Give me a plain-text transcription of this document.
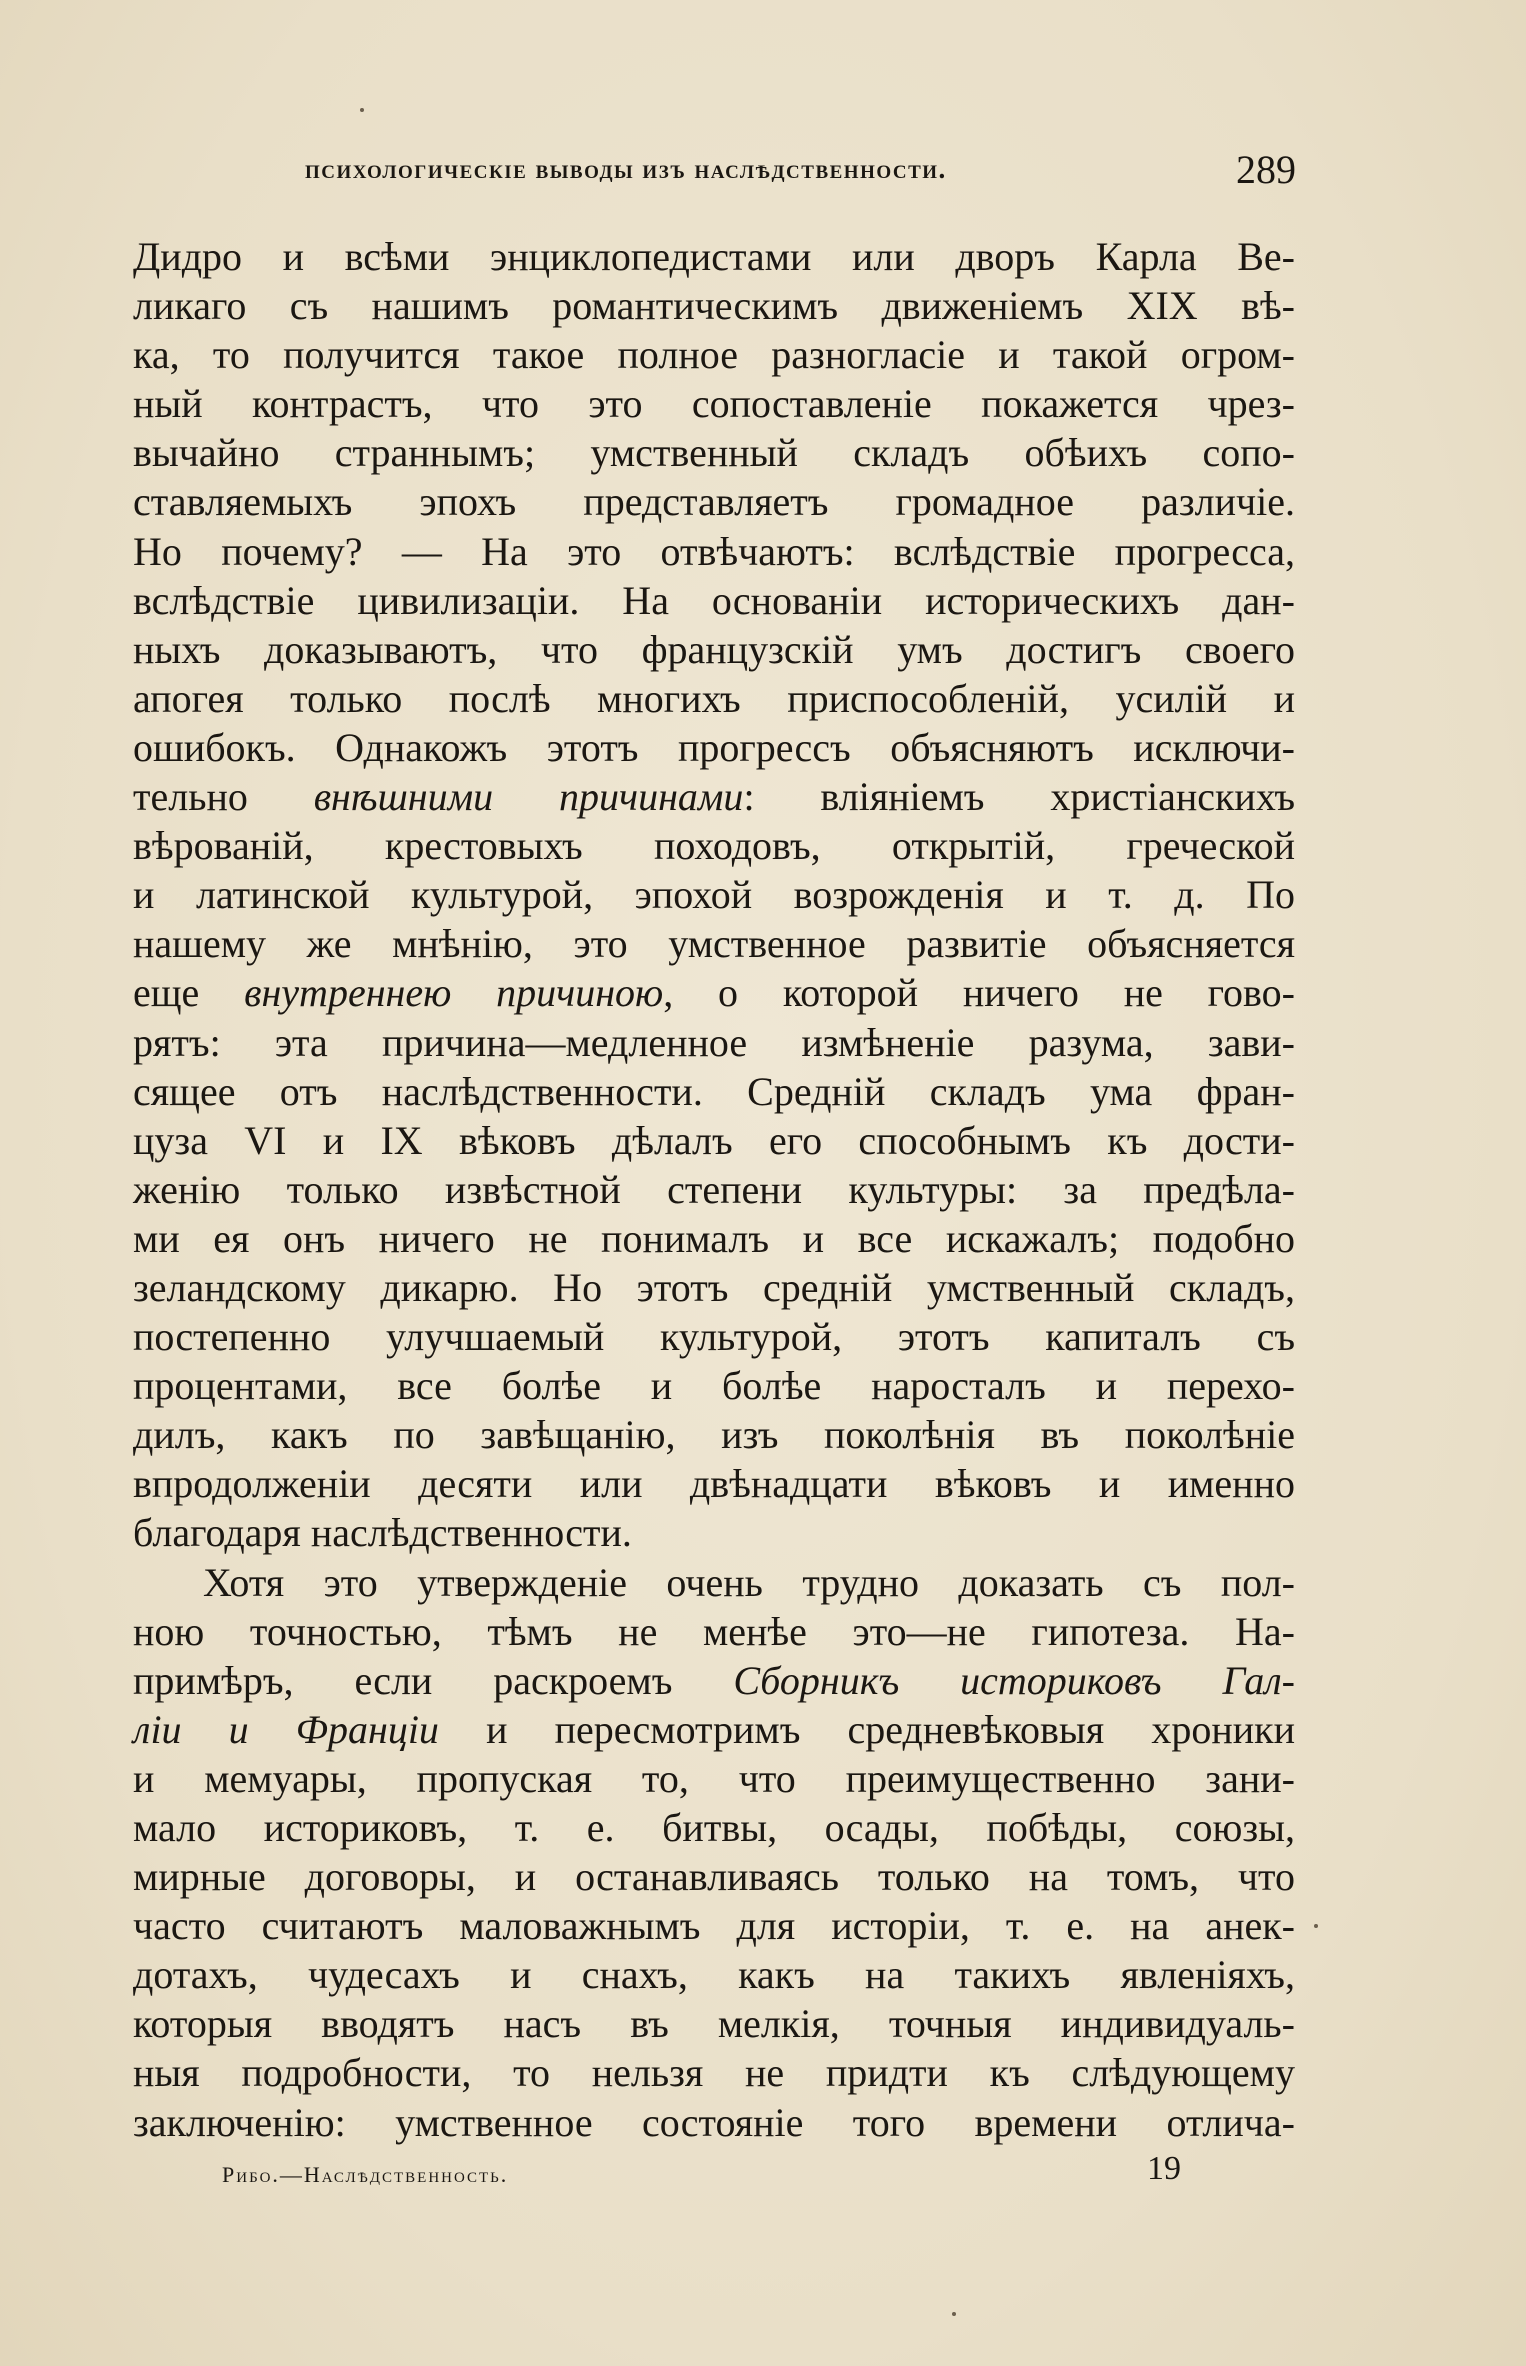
психологическіе выводы изъ наслѣдственности.	289
Дидро и всѣми энциклопедистами или дворъ Карла Ве-
ликаго съ нашимъ романтическимъ движеніемъ XIX вѣ-
ка, то получится такое полное разногласіе и такой огром-
ный контрастъ, что это сопоставленіе покажется чрез-
вычайно страннымъ; умственный складъ обѣихъ сопо-
ставляемыхъ эпохъ представляетъ громадное различіе.
Но почему? — На это отвѣчаютъ: вслѣдствіе прогресса,
вслѣдствіе цивилизаціи. На основаніи историческихъ дан-
ныхъ доказываютъ, что французскій умъ достигъ своего
апогея только послѣ многихъ приспособленій, усилій и
ошибокъ. Однакожъ этотъ прогрессъ объясняютъ исключи-
тельно внѣшними причинами: вліяніемъ христіанскихъ
вѣрованій, крестовыхъ походовъ, открытій, греческой
и латинской культурой, эпохой возрожденія и т. д. По
нашему же мнѣнію, это умственное развитіе объясняется
еще внутреннею причиною, о которой ничего не гово-
рятъ: эта причина—медленное измѣненіе разума, зави-
сящее отъ наслѣдственности. Средній складъ ума фран-
цуза VI и IX вѣковъ дѣлалъ его способнымъ къ дости-
женію только извѣстной степени культуры: за предѣла-
ми ея онъ ничего не понималъ и все искажалъ; подобно
зеландскому дикарю. Но этотъ средній умственный складъ,
постепенно улучшаемый культурой, этотъ капиталъ съ
процентами, все болѣе и болѣе наросталъ и перехо-
дилъ, какъ по завѣщанію, изъ поколѣнія въ поколѣніе
впродолженіи десяти или двѣнадцати вѣковъ и именно
благодаря наслѣдственности.
Хотя это утвержденіе очень трудно доказать съ пол-
ною точностью, тѣмъ не менѣе это—не гипотеза. На-
примѣръ, если раскроемъ Сборникъ историковъ Гал-
ліи и Франціи и пересмотримъ средневѣковыя хроники
и мемуары, пропуская то, что преимущественно зани-
мало историковъ, т. е. битвы, осады, побѣды, союзы,
мирные договоры, и останавливаясь только на томъ, что
часто считаютъ маловажнымъ для исторіи, т. е. на анек-
дотахъ, чудесахъ и снахъ, какъ на такихъ явленіяхъ,
которыя вводятъ насъ въ мелкія, точныя индивидуаль-
ныя подробности, то нельзя не придти къ слѣдующему
заключенію: умственное состояніе того времени отлича-
Рибо.—Наслѣдственность.	19
